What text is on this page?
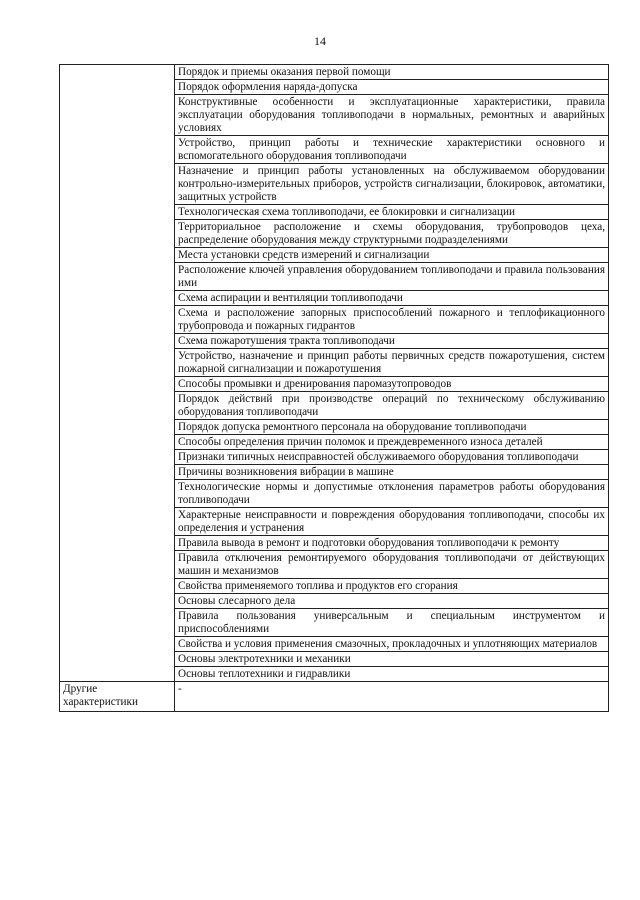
14
	Порядок и приемы оказания первой помощи
	Порядок оформления наряда-допуска
	Конструктивные особенности и эксплуатационные характеристики, правила эксплуатации оборудования топливоподачи в нормальных, ремонтных и аварийных условиях
	Устройство, принцип работы и технические характеристики основного и вспомогательного оборудования топливоподачи
	Назначение и принцип работы установленных на обслуживаемом оборудовании контрольно-измерительных приборов, устройств сигнализации, блокировок, автоматики, защитных устройств
	Технологическая схема топливоподачи, ее блокировки и сигнализации
	Территориальное расположение и схемы оборудования, трубопроводов цеха, распределение оборудования между структурными подразделениями
	Места установки средств измерений и сигнализации
	Расположение ключей управления оборудованием топливоподачи и правила пользования ими
	Схема аспирации и вентиляции топливоподачи
	Схема и расположение запорных приспособлений пожарного и теплофикационного трубопровода и пожарных гидрантов
	Схема пожаротушения тракта топливоподачи
	Устройство, назначение и принцип работы первичных средств пожаротушения, систем пожарной сигнализации и пожаротушения
	Способы промывки и дренирования паромазутопроводов
	Порядок действий при производстве операций по техническому обслуживанию оборудования топливоподачи
	Порядок допуска ремонтного персонала на оборудование топливоподачи
	Способы определения причин поломок и преждевременного износа деталей
	Признаки типичных неисправностей обслуживаемого оборудования топливоподачи
	Причины возникновения вибрации в машине
	Технологические нормы и допустимые отклонения параметров работы оборудования топливоподачи
	Характерные неисправности и повреждения оборудования топливоподачи, способы их определения и устранения
	Правила вывода в ремонт и подготовки оборудования топливоподачи к ремонту
	Правила отключения ремонтируемого оборудования топливоподачи от действующих машин и механизмов
	Свойства применяемого топлива и продуктов его сгорания
	Основы слесарного дела
	Правила пользования универсальным и специальным инструментом и приспособлениями
	Свойства и условия применения смазочных, прокладочных и уплотняющих материалов
	Основы электротехники и механики
	Основы теплотехники и гидравлики
Другие характеристики	-
